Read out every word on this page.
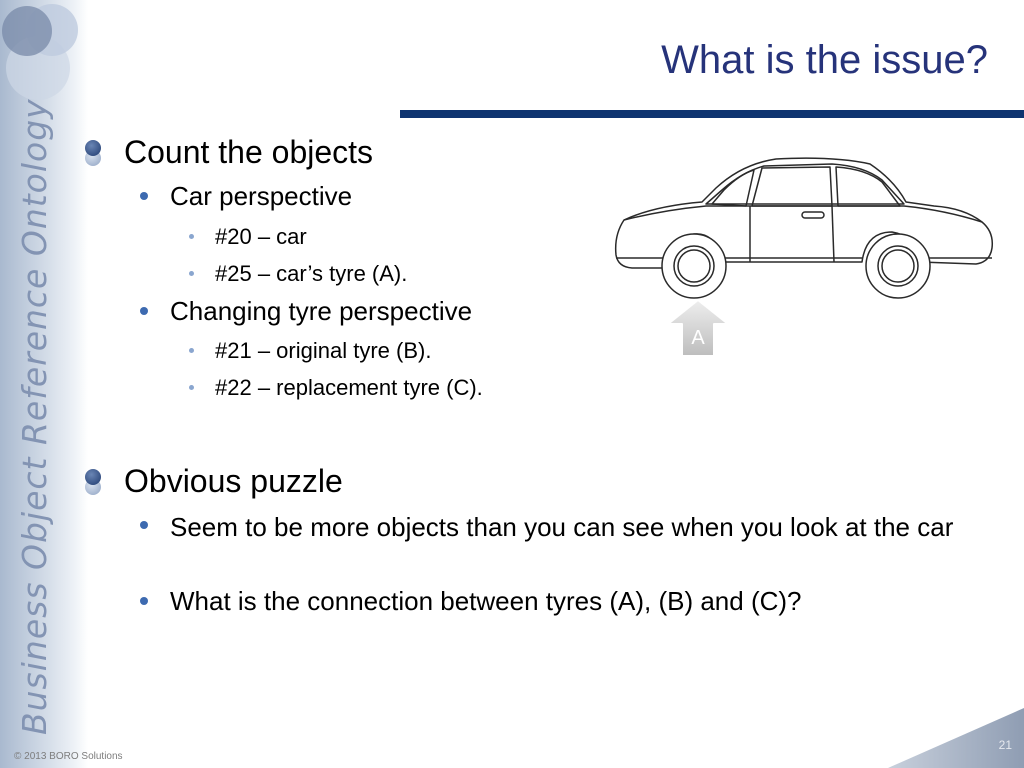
Business Object Reference Ontology
What is the issue?
Count the objects
Car perspective
#20 – car
#25 – car’s tyre (A).
Changing tyre perspective
#21 – original tyre (B).
#22 – replacement tyre (C).
Obvious puzzle
Seem to be more objects than you can see when you look at the car
What is the connection between tyres (A), (B) and (C)?
A
© 2013 BORO Solutions
21
